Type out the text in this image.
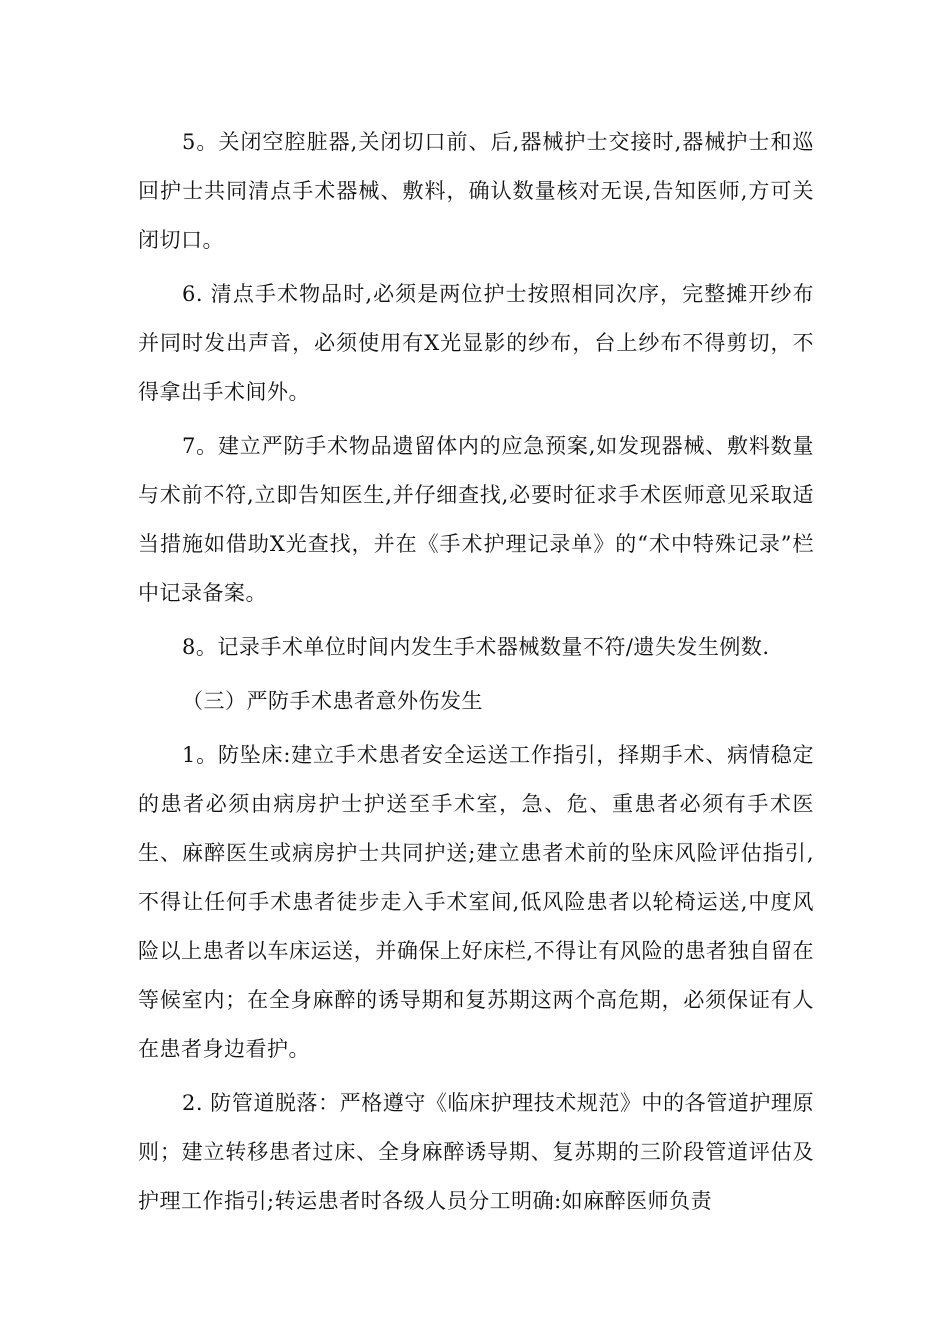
5。关闭空腔脏器,关闭切口前、后,器械护士交接时,器械护士和巡回护士共同清点手术器械、敷料，确认数量核对无误,告知医师,方可关闭切口。

6. 清点手术物品时,必须是两位护士按照相同次序，完整摊开纱布并同时发出声音，必须使用有X光显影的纱布，台上纱布不得剪切，不得拿出手术间外。

7。建立严防手术物品遗留体内的应急预案,如发现器械、敷料数量与术前不符,立即告知医生,并仔细查找,必要时征求手术医师意见采取适当措施如借助X光查找，并在《手术护理记录单》的“术中特殊记录”栏中记录备案。

8。记录手术单位时间内发生手术器械数量不符/遗失发生例数.

（三）严防手术患者意外伤发生

1。防坠床:建立手术患者安全运送工作指引，择期手术、病情稳定的患者必须由病房护士护送至手术室，急、危、重患者必须有手术医生、麻醉医生或病房护士共同护送;建立患者术前的坠床风险评估指引,不得让任何手术患者徒步走入手术室间,低风险患者以轮椅运送,中度风险以上患者以车床运送，并确保上好床栏,不得让有风险的患者独自留在等候室内；在全身麻醉的诱导期和复苏期这两个高危期，必须保证有人在患者身边看护。

2. 防管道脱落：严格遵守《临床护理技术规范》中的各管道护理原则；建立转移患者过床、全身麻醉诱导期、复苏期的三阶段管道评估及护理工作指引;转运患者时各级人员分工明确:如麻醉医师负责
